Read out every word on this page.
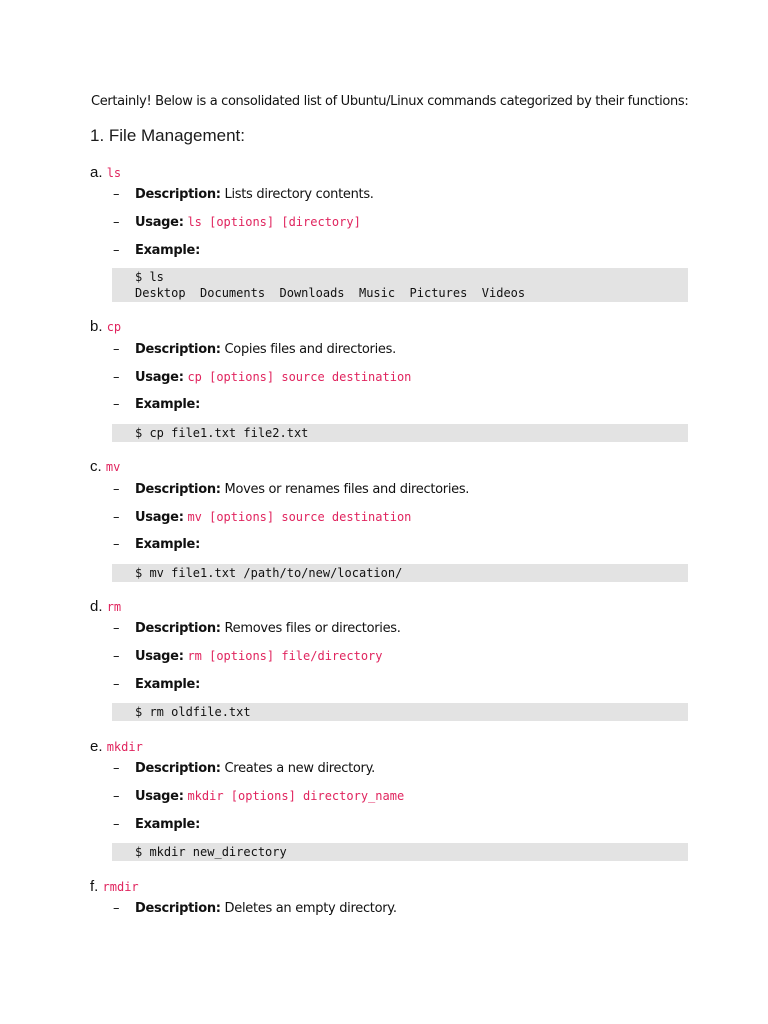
Certainly! Below is a consolidated list of Ubuntu/Linux commands categorized by their functions:
1. File Management:
a. ls
– Description: Lists directory contents.
– Usage: ls [options] [directory]
– Example:
$ ls
Desktop  Documents  Downloads  Music  Pictures  Videos
b. cp
– Description: Copies files and directories.
– Usage: cp [options] source destination
– Example:
$ cp file1.txt file2.txt
c. mv
– Description: Moves or renames files and directories.
– Usage: mv [options] source destination
– Example:
$ mv file1.txt /path/to/new/location/
d. rm
– Description: Removes files or directories.
– Usage: rm [options] file/directory
– Example:
$ rm oldfile.txt
e. mkdir
– Description: Creates a new directory.
– Usage: mkdir [options] directory_name
– Example:
$ mkdir new_directory
f. rmdir
– Description: Deletes an empty directory.
